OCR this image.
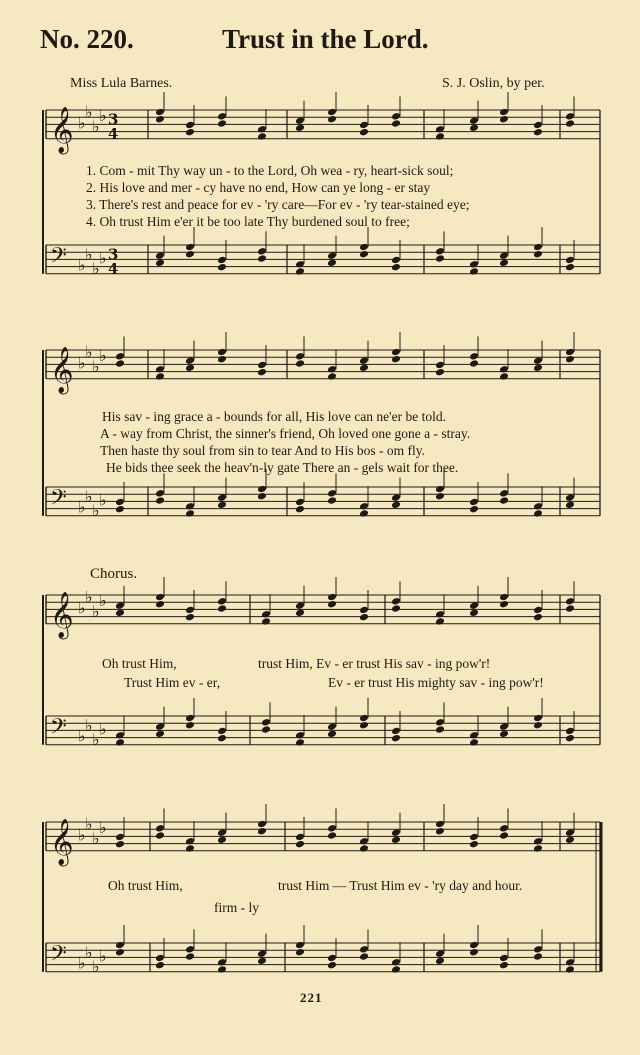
No. 220.	Trust in the Lord.
Miss Lula Barnes.	S. J. Oslin, by per.
𝄞 ♭
♭
♭
♭ 3
4
𝄢 ♭
♭
♭
♭ 3
4
𝄞 ♭
♭
♭
♭
𝄢 ♭
♭
♭
♭
𝄞 ♭
♭
♭
♭
𝄢 ♭
♭
♭
♭
𝄞 ♭
♭
♭
♭
𝄢 ♭
♭
♭
♭
1. Com - mit Thy way un - to the Lord, Oh wea - ry, heart-sick soul;
2. His love and mer - cy have no end, How can ye long - er stay
3. There's rest and peace for ev - 'ry care—For ev - 'ry tear-stained eye;
4. Oh trust Him e'er it be too late Thy burdened soul to free;
His sav - ing grace a - bounds for all, His love can ne'er be told.
A - way from Christ, the sinner's friend, Oh loved one gone a - stray.
Then haste thy soul from sin to tear And to His bos - om fly.
He bids thee seek the heav'n-ly gate There an - gels wait for thee.
Chorus.
Oh trust Him,	trust Him, Ev - er trust His sav - ing pow'r!
Trust Him ev - er,	Ev - er trust His mighty sav - ing pow'r!
Oh trust Him,	trust Him — Trust Him ev - 'ry day and hour.
firm - ly
221
